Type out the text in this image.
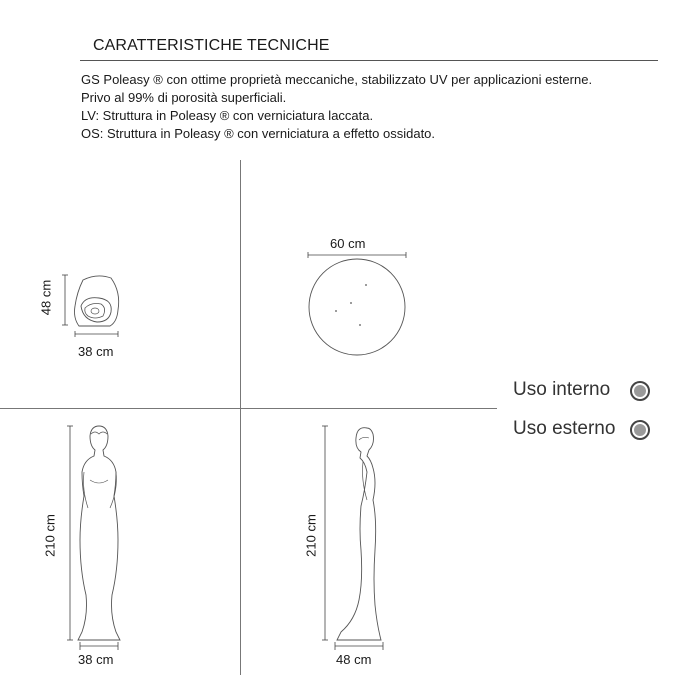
CARATTERISTICHE TECNICHE
GS Poleasy ® con ottime proprietà meccaniche, stabilizzato UV per applicazioni esterne.
Privo al 99% di porosità superficiali.
LV: Struttura in Poleasy ® con verniciatura laccata.
OS: Struttura in Poleasy ® con verniciatura a effetto ossidato.
48 cm
38 cm
60 cm
210 cm
38 cm
210 cm
48 cm
Uso interno
Uso esterno
